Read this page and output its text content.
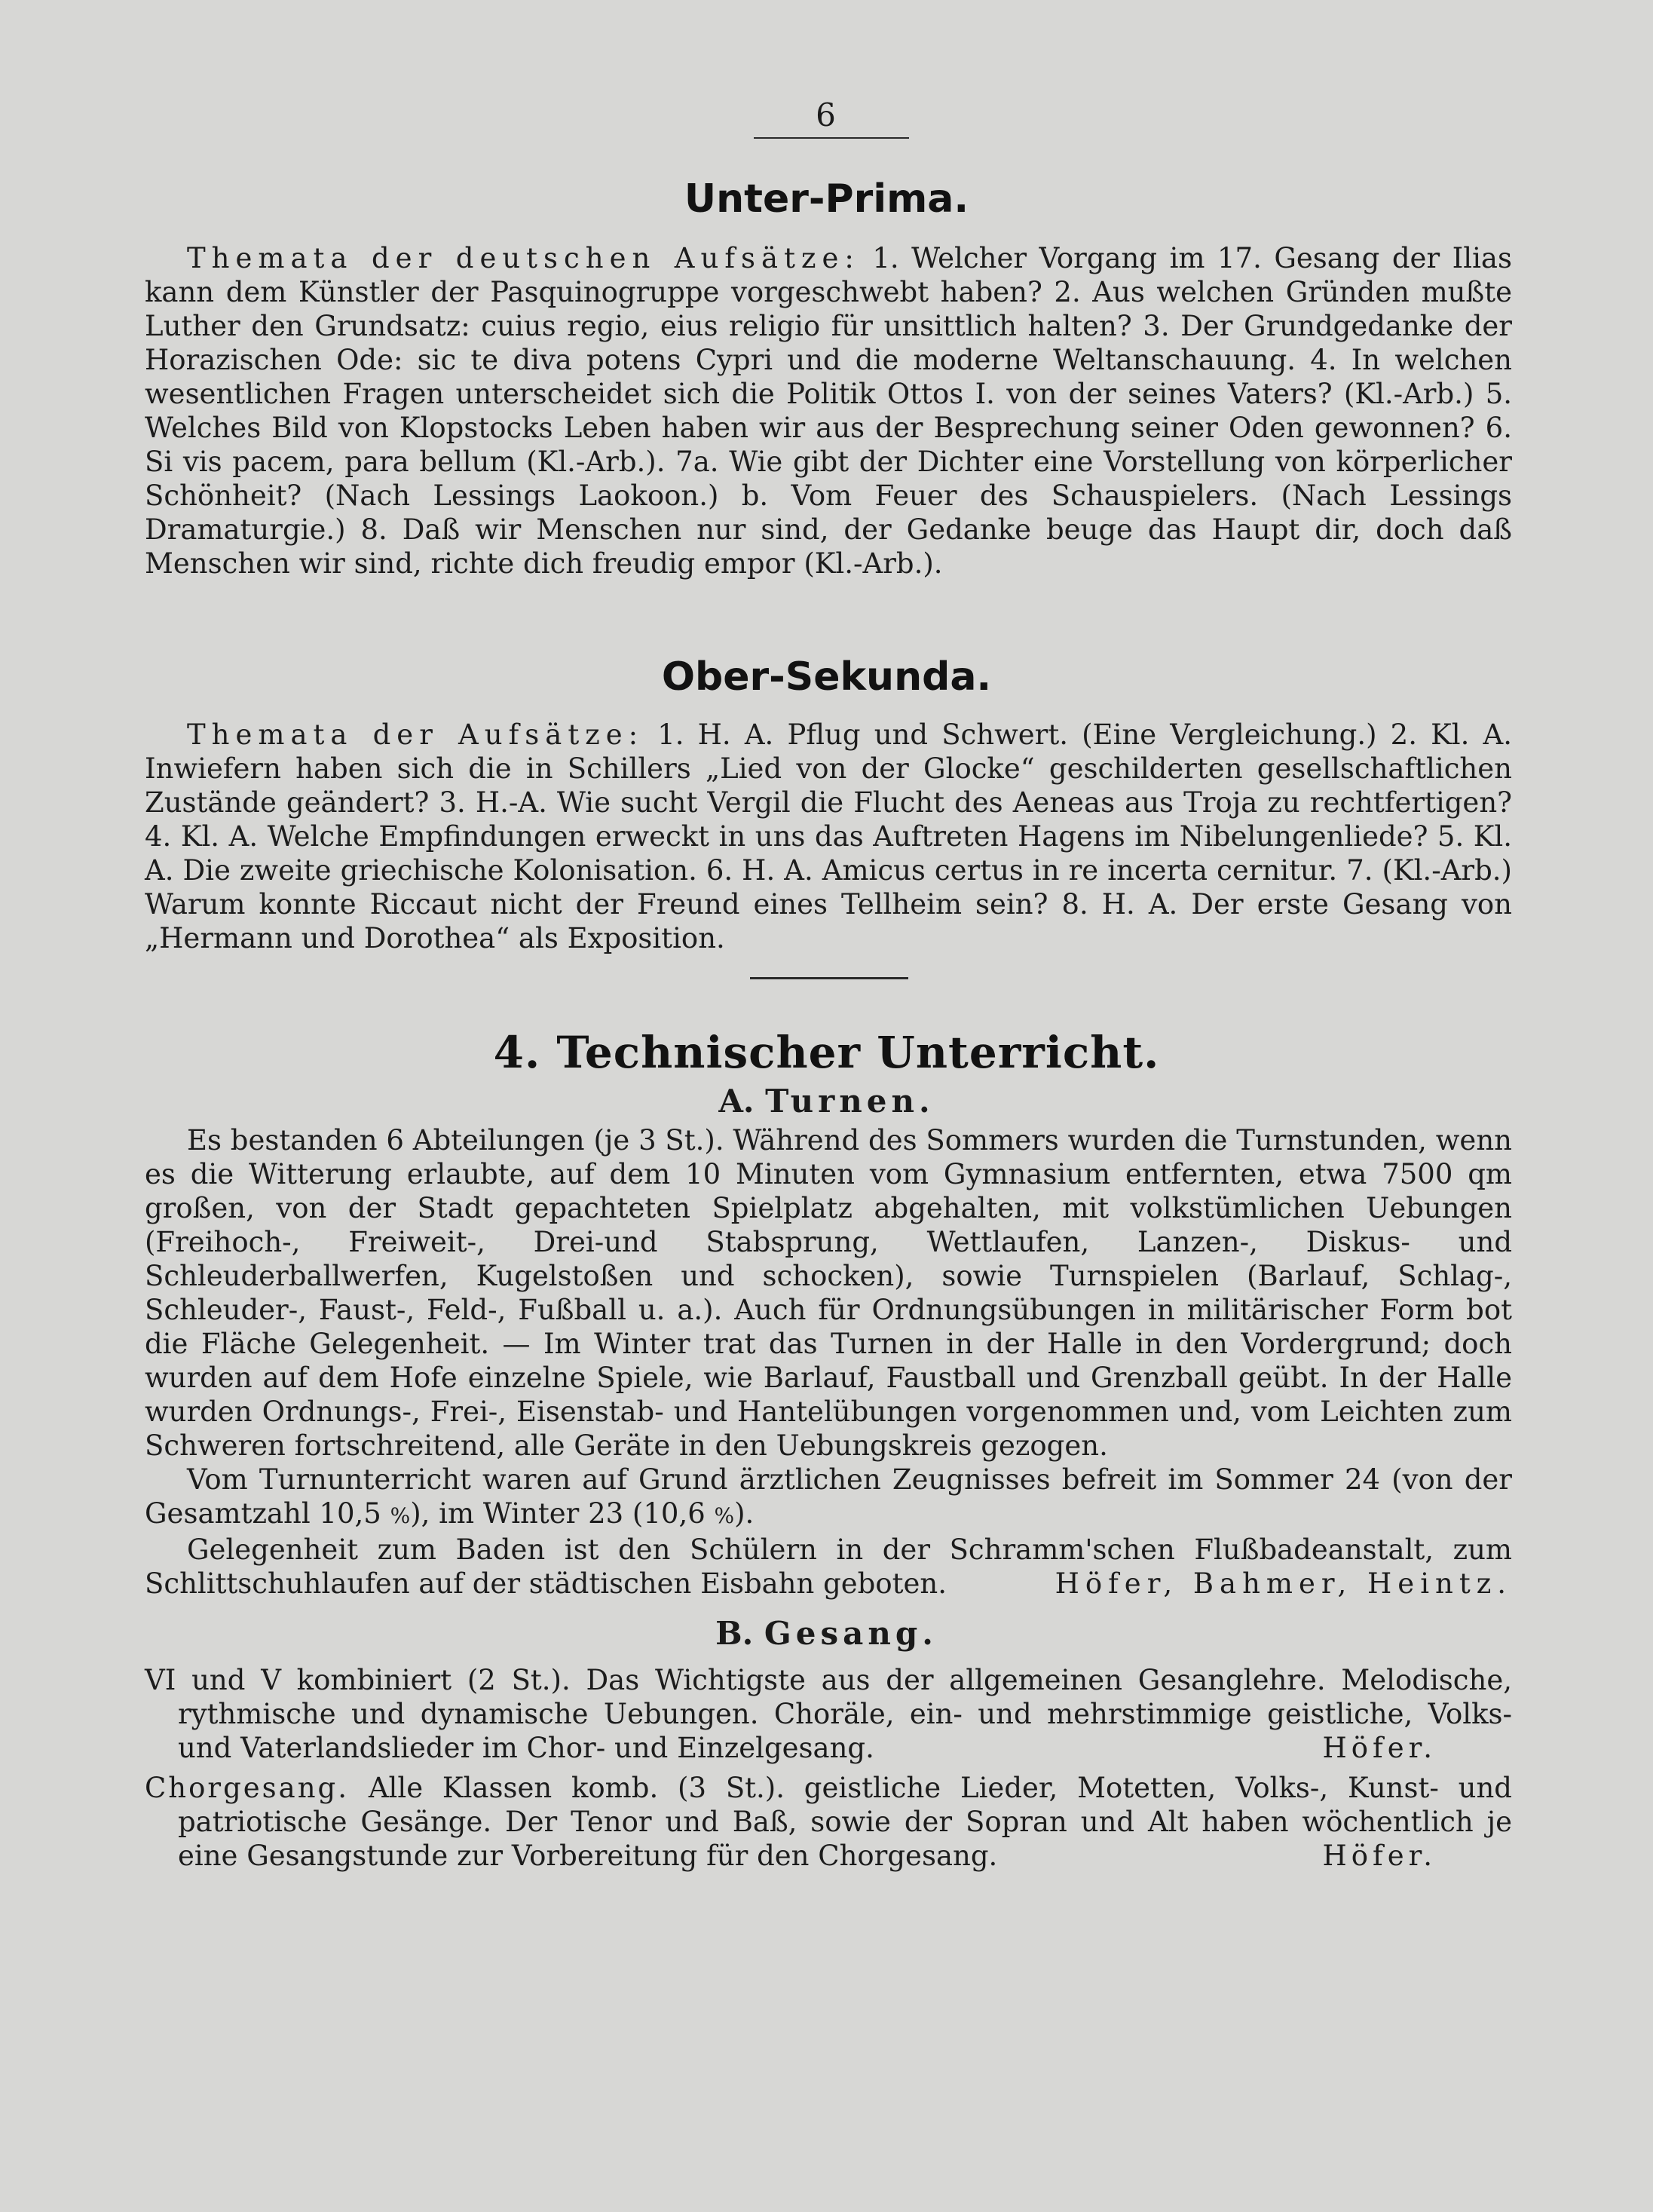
6
Unter-Prima.

Themata der deutschen Aufsätze: 1. Welcher Vorgang im 17. Gesang der Ilias kann dem Künstler der Pasquinogruppe vorgeschwebt haben? 2. Aus welchen Gründen mußte Luther den Grundsatz: cuius regio, eius religio für unsittlich halten? 3. Der Grundgedanke der Horazischen Ode: sic te diva potens Cypri und die moderne Weltanschauung. 4. In welchen wesentlichen Fragen unterscheidet sich die Politik Ottos I. von der seines Vaters? (Kl.-Arb.) 5. Welches Bild von Klopstocks Leben haben wir aus der Besprechung seiner Oden gewonnen? 6. Si vis pacem, para bellum (Kl.-Arb.). 7a. Wie gibt der Dichter eine Vorstellung von körperlicher Schönheit? (Nach Lessings Laokoon.) b. Vom Feuer des Schauspielers. (Nach Lessings Dramaturgie.) 8. Daß wir Menschen nur sind, der Gedanke beuge das Haupt dir, doch daß Menschen wir sind, richte dich freudig empor (Kl.-Arb.).

Ober-Sekunda.

Themata der Aufsätze: 1. H. A. Pflug und Schwert. (Eine Vergleichung.) 2. Kl. A. Inwiefern haben sich die in Schillers „Lied von der Glocke“ geschilderten gesellschaftlichen Zustände geändert? 3. H.-A. Wie sucht Vergil die Flucht des Aeneas aus Troja zu rechtfertigen? 4. Kl. A. Welche Empfindungen erweckt in uns das Auftreten Hagens im Nibelungenliede? 5. Kl. A. Die zweite griechische Kolonisation. 6. H. A. Amicus certus in re incerta cernitur. 7. (Kl.-Arb.) Warum konnte Riccaut nicht der Freund eines Tellheim sein? 8. H. A. Der erste Gesang von „Hermann und Dorothea“ als Exposition.

4. Technischer Unterricht.
A. Turnen.

Es bestanden 6 Abteilungen (je 3 St.). Während des Sommers wurden die Turnstunden, wenn es die Witterung erlaubte, auf dem 10 Minuten vom Gymnasium entfernten, etwa 7500 qm großen, von der Stadt gepachteten Spielplatz abgehalten, mit volkstümlichen Uebungen (Freihoch-, Freiweit-, Drei-und Stabsprung, Wettlaufen, Lanzen-, Diskus- und Schleuderballwerfen, Kugelstoßen und schocken), sowie Turnspielen (Barlauf, Schlag-, Schleuder-, Faust-, Feld-, Fußball u. a.). Auch für Ordnungsübungen in militärischer Form bot die Fläche Gelegenheit. — Im Winter trat das Turnen in der Halle in den Vordergrund; doch wurden auf dem Hofe einzelne Spiele, wie Barlauf, Faustball und Grenzball geübt. In der Halle wurden Ordnungs-, Frei-, Eisenstab- und Hantelübungen vorgenommen und, vom Leichten zum Schweren fortschreitend, alle Geräte in den Uebungskreis gezogen.

Vom Turnunterricht waren auf Grund ärztlichen Zeugnisses befreit im Sommer 24 (von der Gesamtzahl 10,5 %), im Winter 23 (10,6 %).

Gelegenheit zum Baden ist den Schülern in der Schramm'schen Flußbadeanstalt, zum Schlittschuhlaufen auf der städtischen Eisbahn geboten.	Höfer, Bahmer, Heintz.

B. Gesang.

VI und V kombiniert (2 St.). Das Wichtigste aus der allgemeinen Gesanglehre. Melodische, rythmische und dynamische Uebungen. Choräle, ein- und mehrstimmige geistliche, Volks- und Vaterlandslieder im Chor- und Einzelgesang.	Höfer.

Chorgesang. Alle Klassen komb. (3 St.). geistliche Lieder, Motetten, Volks-, Kunst- und patriotische Gesänge. Der Tenor und Baß, sowie der Sopran und Alt haben wöchentlich je eine Gesangstunde zur Vorbereitung für den Chorgesang.	Höfer.
